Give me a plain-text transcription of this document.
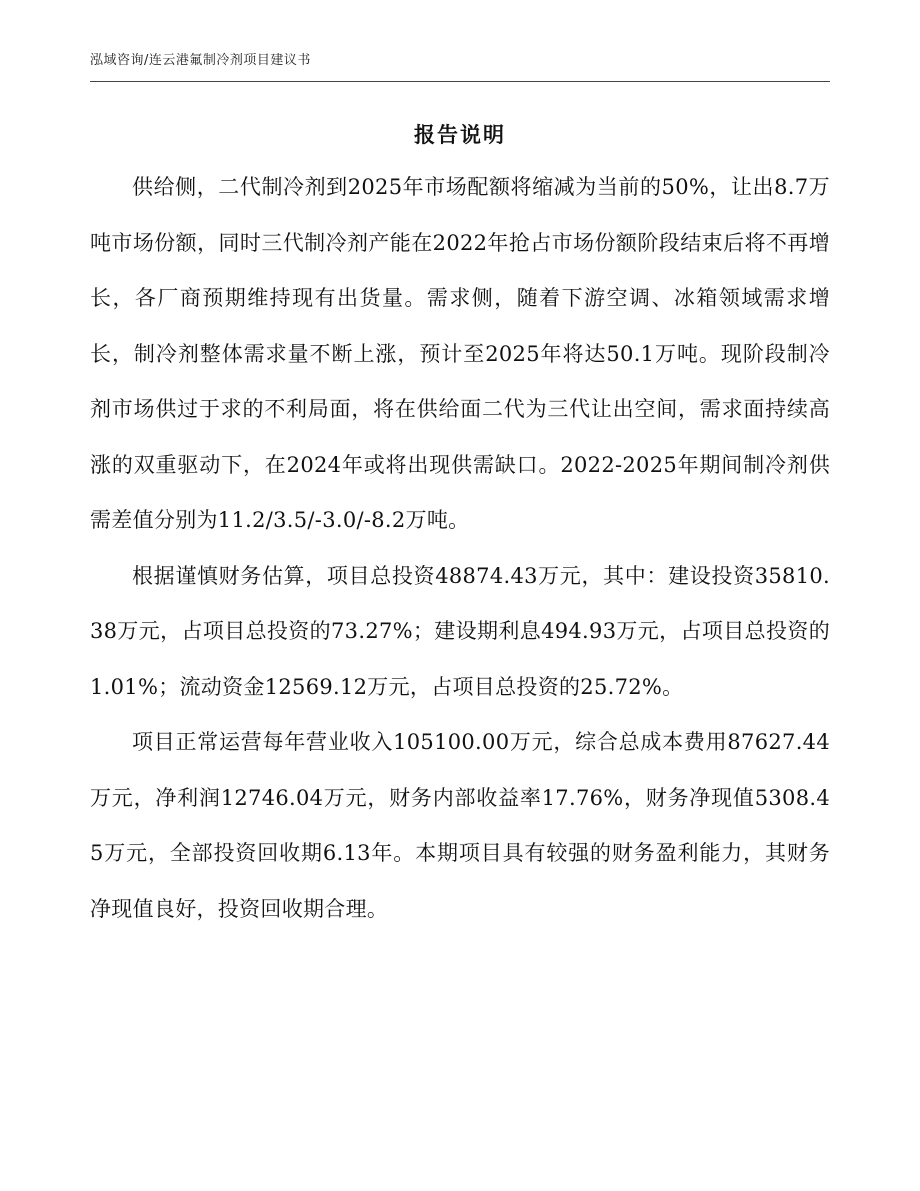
泓域咨询/连云港氟制冷剂项目建议书
报告说明

供给侧，二代制冷剂到2025年市场配额将缩减为当前的50%，让出8.7万吨市场份额，同时三代制冷剂产能在2022年抢占市场份额阶段结束后将不再增长，各厂商预期维持现有出货量。需求侧，随着下游空调、冰箱领域需求增长，制冷剂整体需求量不断上涨，预计至2025年将达50.1万吨。现阶段制冷剂市场供过于求的不利局面，将在供给面二代为三代让出空间，需求面持续高涨的双重驱动下，在2024年或将出现供需缺口。2022-2025年期间制冷剂供需差值分别为11.2/3.5/-3.0/-8.2万吨。

根据谨慎财务估算，项目总投资48874.43万元，其中：建设投资35810.38万元，占项目总投资的73.27%；建设期利息494.93万元，占项目总投资的1.01%；流动资金12569.12万元，占项目总投资的25.72%。

项目正常运营每年营业收入105100.00万元，综合总成本费用87627.44万元，净利润12746.04万元，财务内部收益率17.76%，财务净现值5308.45万元，全部投资回收期6.13年。本期项目具有较强的财务盈利能力，其财务净现值良好，投资回收期合理。
